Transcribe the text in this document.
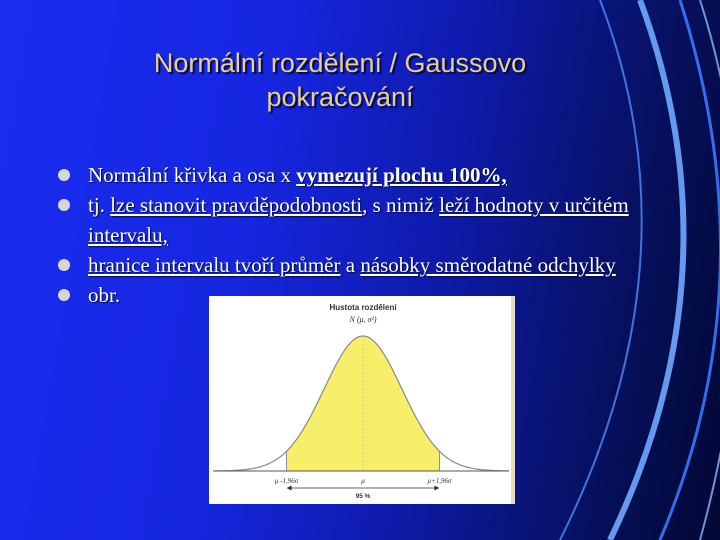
Normální rozdělení / Gaussovo
pokračování
Normální křivka a osa x vymezují plochu 100%,
tj. lze stanovit pravděpodobnosti, s nimiž leží hodnoty v určitém intervalu,
hranice intervalu tvoří průměr a násobky směrodatné odchylky
obr.
Hustota rozdělení
N (μ, σ²)
μ -1,96σ	μ	μ+1,96σ
95 %
